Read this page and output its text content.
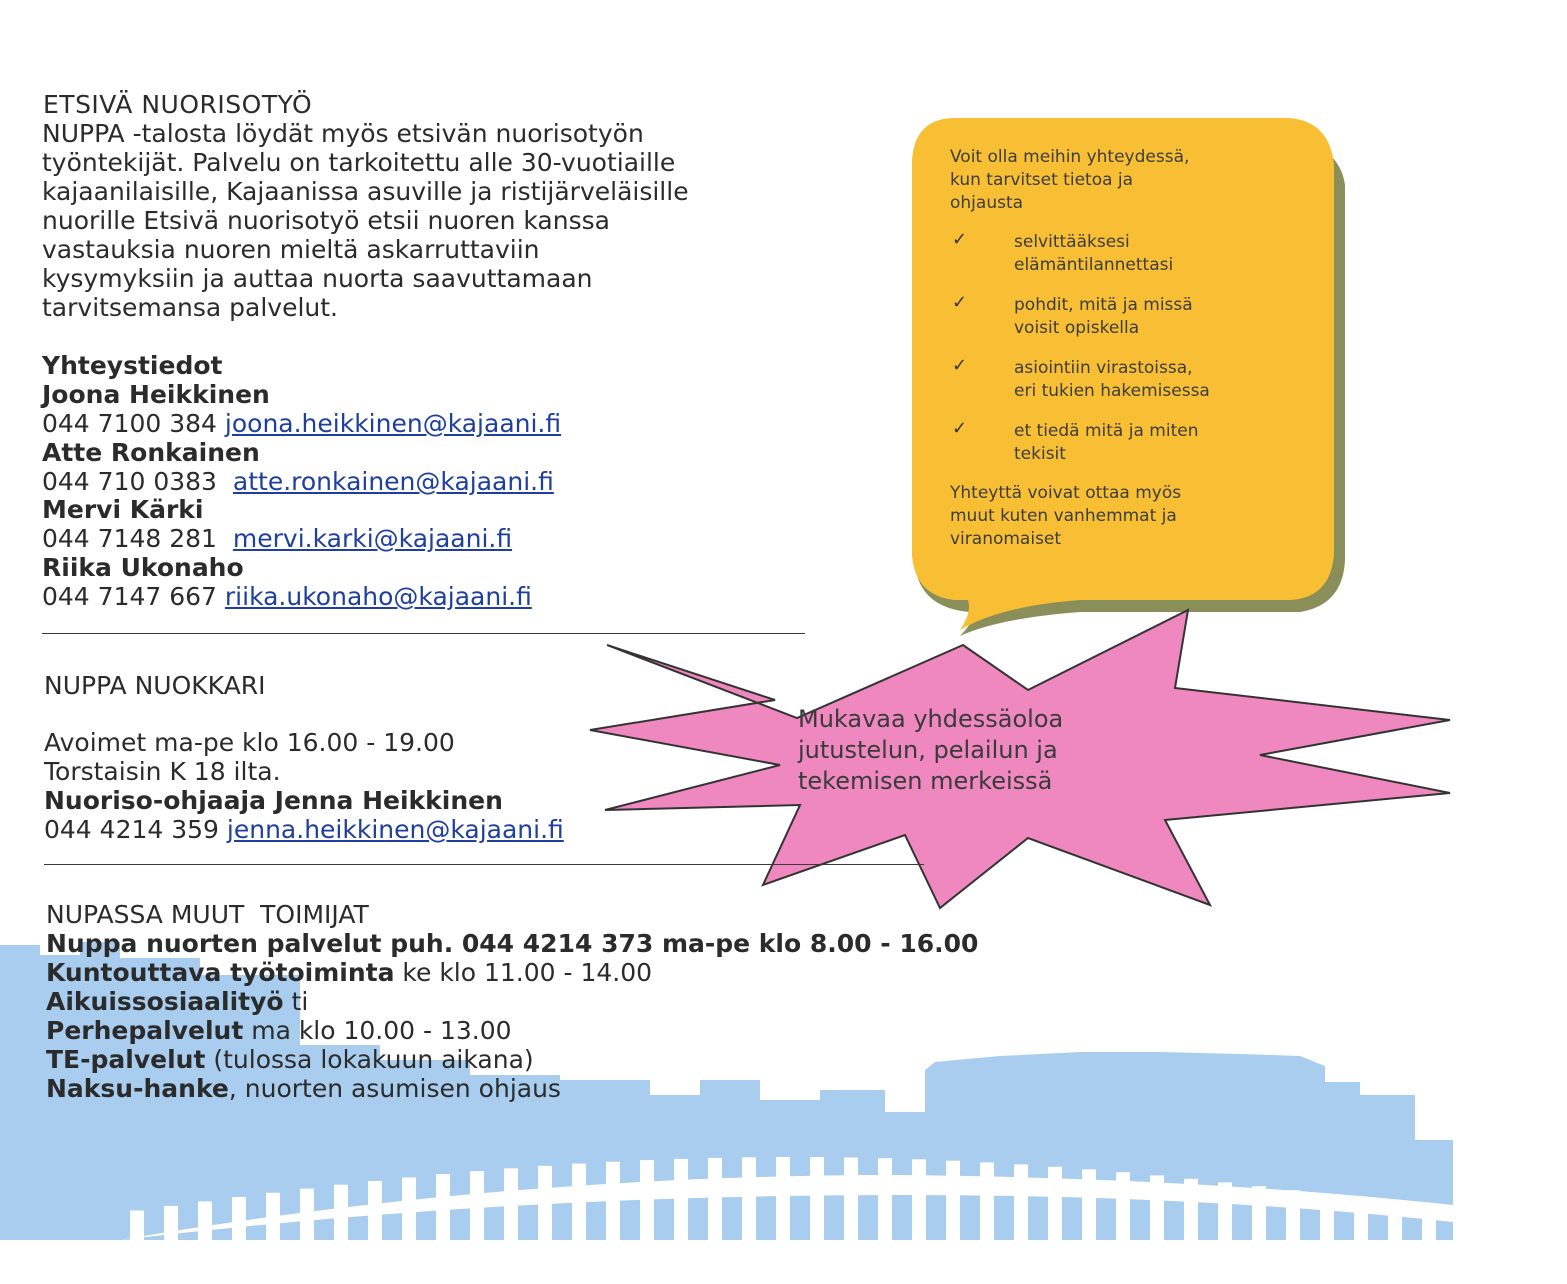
ETSIVÄ NUORISOTYÖ
NUPPA -talosta löydät myös etsivän nuorisotyön
työntekijät. Palvelu on tarkoitettu alle 30-vuotiaille
kajaanilaisille, Kajaanissa asuville ja ristijärveläisille
nuorille Etsivä nuorisotyö etsii nuoren kanssa
vastauksia nuoren mieltä askarruttaviin
kysymyksiin ja auttaa nuorta saavuttamaan
tarvitsemansa palvelut.
Yhteystiedot
Joona Heikkinen
044 7100 384 joona.heikkinen@kajaani.fi
Atte Ronkainen
044 710 0383 atte.ronkainen@kajaani.fi
Mervi Kärki
044 7148 281 mervi.karki@kajaani.fi
Riika Ukonaho
044 7147 667 riika.ukonaho@kajaani.fi
NUPPA NUOKKARI
Avoimet ma-pe klo 16.00 - 19.00
Torstaisin K 18 ilta.
Nuoriso-ohjaaja Jenna Heikkinen
044 4214 359 jenna.heikkinen@kajaani.fi
NUPASSA MUUT  TOIMIJAT
Nuppa nuorten palvelut puh. 044 4214 373 ma-pe klo 8.00 - 16.00
Kuntouttava työtoiminta ke klo 11.00 - 14.00
Aikuissosiaalityö ti
Perhepalvelut ma klo 10.00 - 13.00
TE-palvelut (tulossa lokakuun aikana)
Naksu-hanke, nuorten asumisen ohjaus
Voit olla meihin yhteydessä,
kun tarvitset tietoa ja
ohjausta
✓	selvittääksesi
elämäntilannettasi
✓	pohdit, mitä ja missä
voisit opiskella
✓	asiointiin virastoissa,
eri tukien hakemisessa
✓	et tiedä mitä ja miten
tekisit
Yhteyttä voivat ottaa myös
muut kuten vanhemmat ja
viranomaiset
Mukavaa yhdessäoloa
jutustelun, pelailun ja
tekemisen merkeissä
